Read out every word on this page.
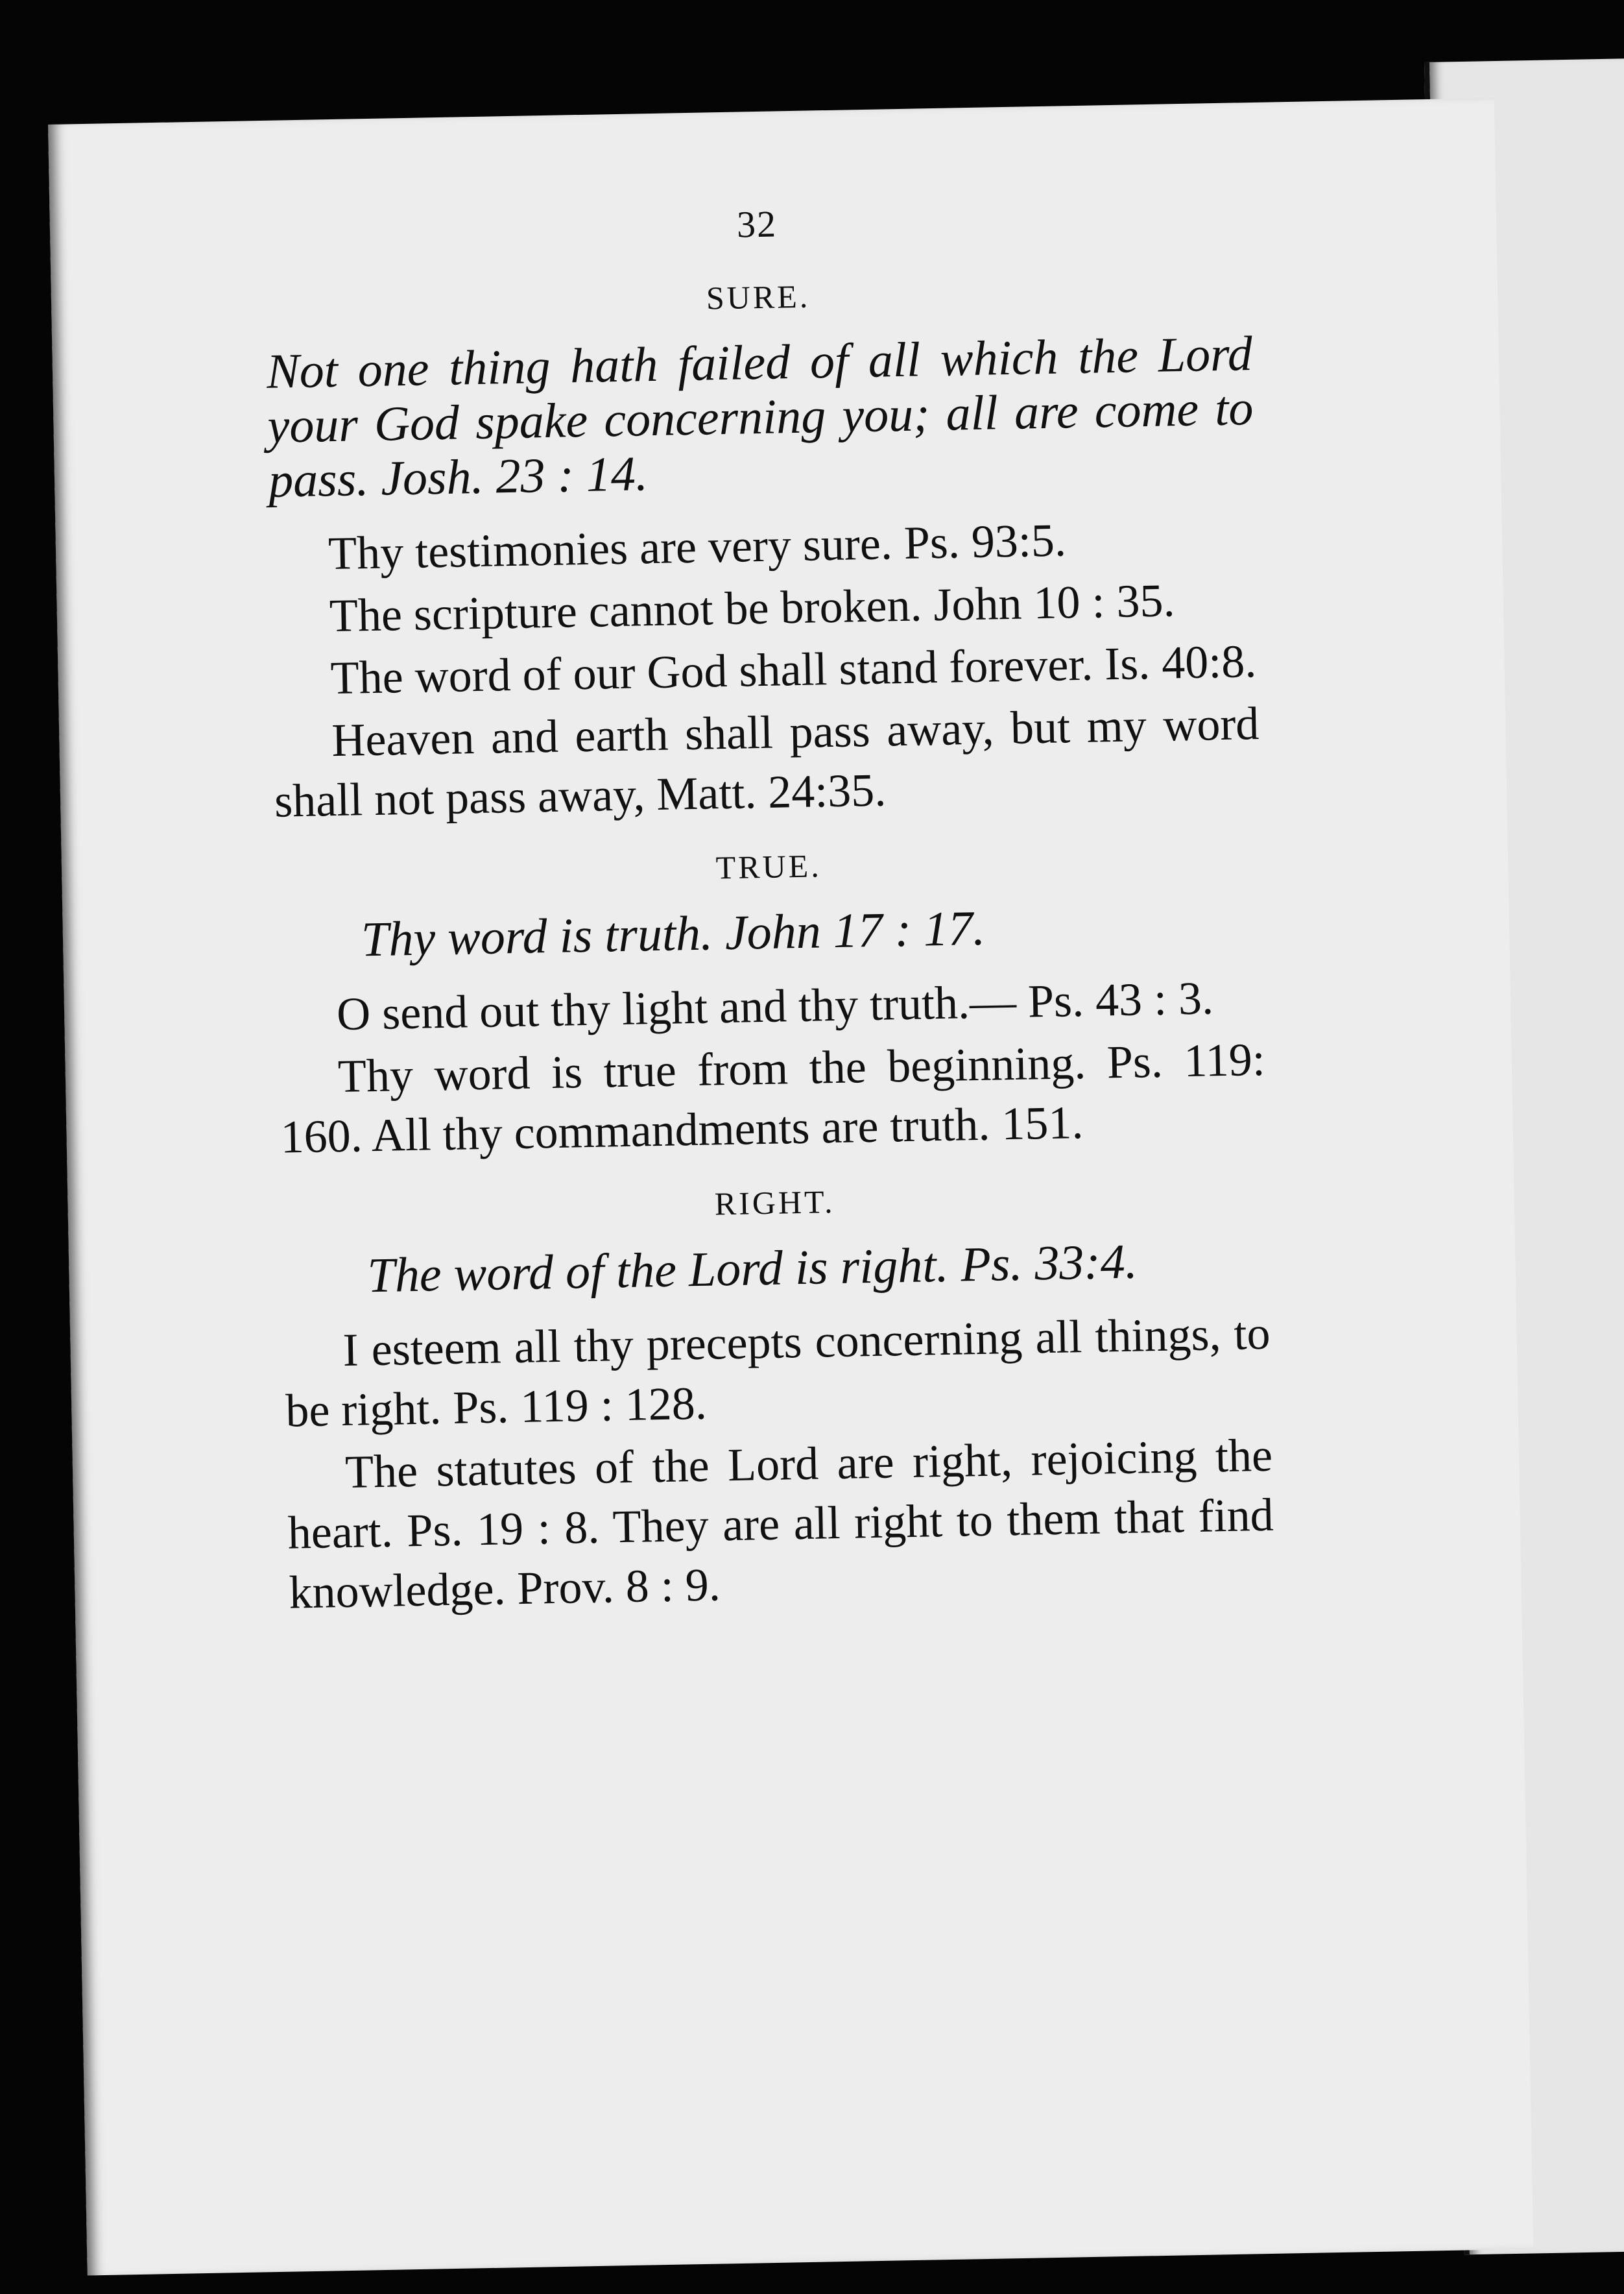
32
SURE.

Not one thing hath failed of all which the Lord your God spake concerning you; all are come to pass. Josh. 23 : 14.

Thy testimonies are very sure. Ps. 93:5.

The scripture cannot be broken. John 10 : 35.

The word of our God shall stand forever. Is. 40:8.

Heaven and earth shall pass away, but my word shall not pass away, Matt. 24:35.

TRUE.

Thy word is truth. John 17 : 17.

O send out thy light and thy truth.— Ps. 43 : 3.

Thy word is true from the beginning. Ps. 119: 160. All thy commandments are truth. 151.

RIGHT.

The word of the Lord is right. Ps. 33:4.

I esteem all thy precepts concerning all things, to be right. Ps. 119 : 128.

The statutes of the Lord are right, rejoicing the heart. Ps. 19 : 8. They are all right to them that find knowledge. Prov. 8 : 9.
